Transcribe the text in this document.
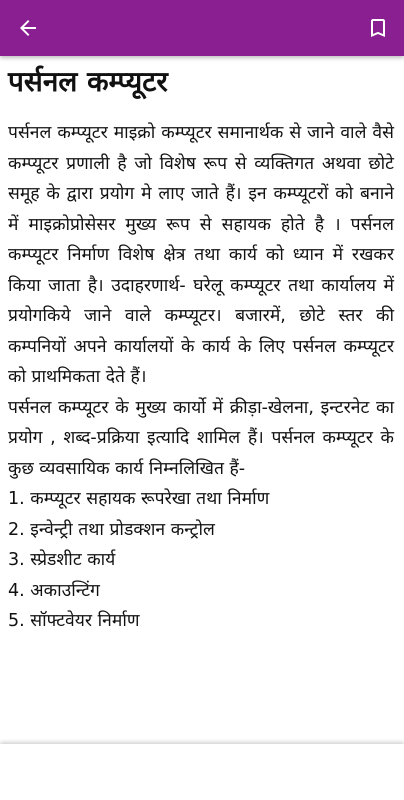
पर्सनल कम्प्यूटर

पर्सनल कम्प्यूटर माइक्रो कम्प्यूटर समानार्थक से जाने वाले वैसे कम्प्यूटर प्रणाली है जो विशेष रूप से व्यक्तिगत अथवा छोटे समूह के द्वारा प्रयोग मे लाए जाते हैं। इन कम्प्यूटरों को बनाने में माइक्रोप्रोसेसर मुख्य रूप से सहायक होते है । पर्सनल कम्प्यूटर निर्माण विशेष क्षेत्र तथा कार्य को ध्यान में रखकर किया जाता है। उदाहरणार्थ- घरेलू कम्प्यूटर तथा कार्यालय में प्रयोगकिये जाने वाले कम्प्यूटर। बजारमें, छोटे स्तर की कम्पनियों अपने कार्यालयों के कार्य के लिए पर्सनल कम्प्यूटर को प्राथमिकता देते हैं।

पर्सनल कम्प्यूटर के मुख्य कार्यो में क्रीड़ा-खेलना, इन्टरनेट का प्रयोग , शब्द-प्रक्रिया इत्यादि शामिल हैं। पर्सनल कम्प्यूटर के कुछ व्यवसायिक कार्य निम्नलिखित हैं-

1. कम्प्यूटर सहायक रूपरेखा तथा निर्माण
2. इन्वेन्ट्री तथा प्रोडक्शन कन्ट्रोल
3. स्प्रेडशीट कार्य
4. अकाउन्टिंग
5. सॉफ्टवेयर निर्माण
